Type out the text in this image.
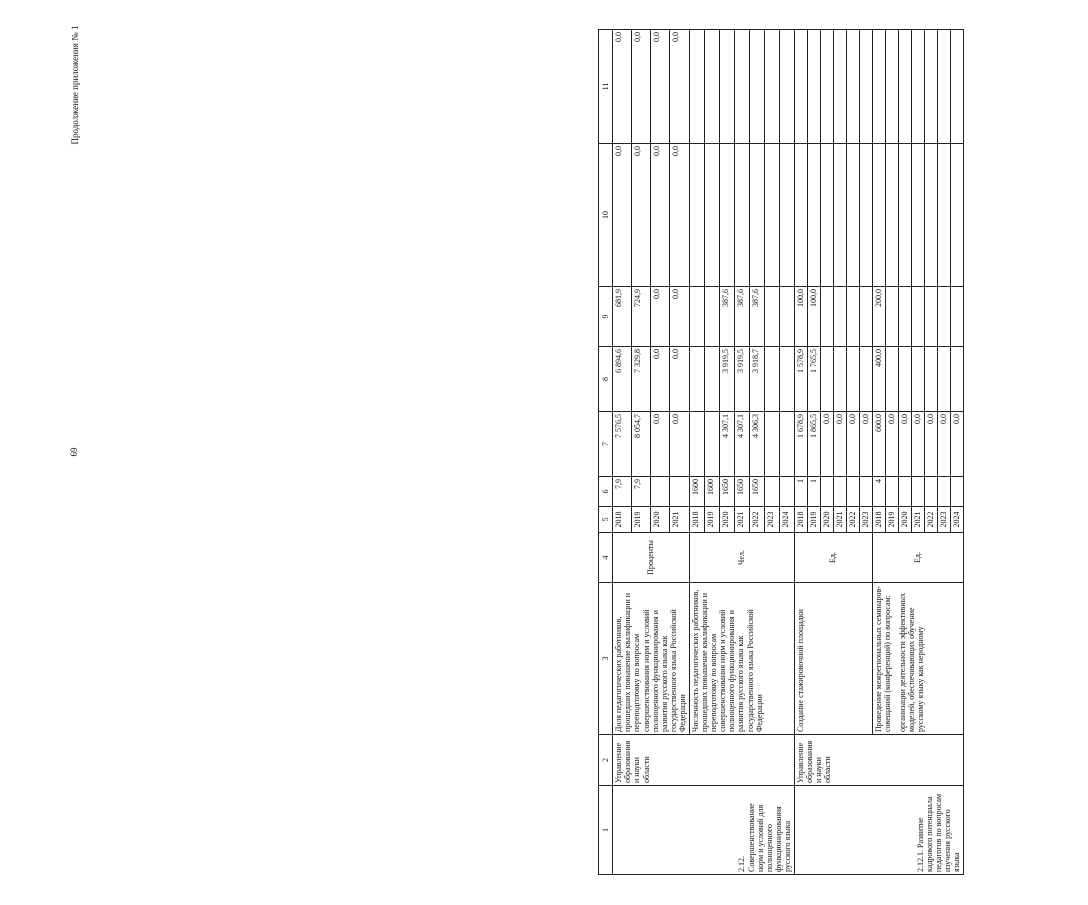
69
Продолжение приложения № 1
1	2	3	4	5	6	7	8	9	10	11
2.12. Совершенствование норм и условий для полноценного функционирования русского языка	Управление образования и науки области	Доля педагогических работников, прошедших повышение квалификации и переподготовку по вопросам совершенствования норм и условий полноценного функционирования и развития русского языка как государственного языка Российской Федерации	Проценты	2018	7,9	7 576,5	6 894,6	681,9	0,0	0,0
				2019	7,9	8 054,7	7 329,8	724,9	0,0	0,0
				2020		0,0	0,0	0,0	0,0	0,0
				2021		0,0	0,0	0,0	0,0	0,0

		Численность педагогических работников, прошедших повышение квалификации и переподготовку по вопросам совершенствования норм и условий полноценного функционирования и развития русского языка как государственного языка Российской Федерации	Чел.	2018	1600					
				2019	1600					
				2020	1650	4 307,1	3 919,5	387,6		
				2021	1650	4 307,1	3 919,5	387,6		
				2022	1650	4 306,3	3 918,7	387,6		
				2023						
				2024						
2.12.1. Развитие кадрового потенциала педагогов по вопросам изучения русского языка	Управление образования и науки области	Создание стажировочной площадки	Ед.	2018	1	1 678,9	1 578,9	100,0		
				2019	1	1 865,5	1 765,5	100,0		
				2020		0,0				
				2021		0,0				
				2022		0,0				
				2023		0,0				

		Проведение межрегиональных семинаров-совещаний (конференций) по вопросам: организации деятельности эффективных моделей, обеспечивающих обучение русскому языку как неродному	Ед.	2018	4	600,0	400,0	200,0		
				2019		0,0				
				2020		0,0				
				2021		0,0				
				2022		0,0				
				2023		0,0				
				2024		0,0				
